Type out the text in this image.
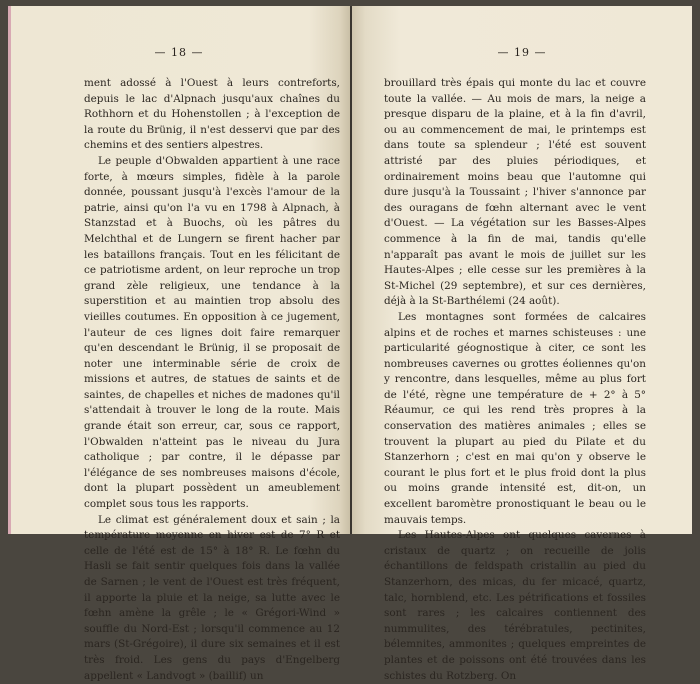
— 18 —

ment adossé à l'Ouest à leurs contreforts, depuis le lac d'Alpnach jusqu'aux chaînes du Rothhorn et du Hohenstollen ; à l'exception de la route du Brünig, il n'est desservi que par des chemins et des sentiers alpestres.

Le peuple d'Obwalden appartient à une race forte, à mœurs simples, fidèle à la parole donnée, poussant jusqu'à l'excès l'amour de la patrie, ainsi qu'on l'a vu en 1798 à Alpnach, à Stanzstad et à Buochs, où les pâtres du Melchthal et de Lungern se firent hacher par les bataillons français. Tout en les félicitant de ce patriotisme ardent, on leur reproche un trop grand zèle religieux, une tendance à la superstition et au maintien trop absolu des vieilles coutumes. En opposition à ce jugement, l'auteur de ces lignes doit faire remarquer qu'en descendant le Brünig, il se proposait de noter une interminable série de croix de missions et autres, de statues de saints et de saintes, de chapelles et niches de madones qu'il s'attendait à trouver le long de la route. Mais grande était son erreur, car, sous ce rapport, l'Obwalden n'atteint pas le niveau du Jura catholique ; par contre, il le dépasse par l'élégance de ses nombreuses maisons d'école, dont la plupart possèdent un ameublement complet sous tous les rapports.

Le climat est généralement doux et sain ; la température moyenne en hiver est de 7° R et celle de l'été est de 15° à 18° R. Le fœhn du Hasli se fait sentir quelques fois dans la vallée de Sarnen ; le vent de l'Ouest est très fréquent, il apporte la pluie et la neige, sa lutte avec le fœhn amène la grêle ; le « Grégori-Wind » souffle du Nord-Est ; lorsqu'il commence au 12 mars (St-Grégoire), il dure six semaines et il est très froid. Les gens du pays d'Engelberg appellent « Landvogt » (baillif) un

— 19 —

brouillard très épais qui monte du lac et couvre toute la vallée. — Au mois de mars, la neige a presque disparu de la plaine, et à la fin d'avril, ou au commencement de mai, le printemps est dans toute sa splendeur ; l'été est souvent attristé par des pluies périodiques, et ordinairement moins beau que l'automne qui dure jusqu'à la Toussaint ; l'hiver s'annonce par des ouragans de fœhn alternant avec le vent d'Ouest. — La végétation sur les Basses-Alpes commence à la fin de mai, tandis qu'elle n'apparaît pas avant le mois de juillet sur les Hautes-Alpes ; elle cesse sur les premières à la St-Michel (29 septembre), et sur ces dernières, déjà à la St-Barthélemi (24 août).

Les montagnes sont formées de calcaires alpins et de roches et marnes schisteuses : une particularité géognostique à citer, ce sont les nombreuses cavernes ou grottes éoliennes qu'on y rencontre, dans lesquelles, même au plus fort de l'été, règne une température de + 2° à 5° Réaumur, ce qui les rend très propres à la conservation des matières animales ; elles se trouvent la plupart au pied du Pilate et du Stanzerhorn ; c'est en mai qu'on y observe le courant le plus fort et le plus froid dont la plus ou moins grande intensité est, dit-on, un excellent baromètre pronostiquant le beau ou le mauvais temps.

Les Hautes-Alpes ont quelques cavernes à cristaux de quartz ; on recueille de jolis échantillons de feldspath cristallin au pied du Stanzerhorn, des micas, du fer micacé, quartz, talc, hornblend, etc. Les pétrifications et fossiles sont rares ; les calcaires contiennent des nummulites, des térébratules, pectinites, bélemnites, ammonites ; quelques empreintes de plantes et de poissons ont été trouvées dans les schistes du Rotzberg. On
